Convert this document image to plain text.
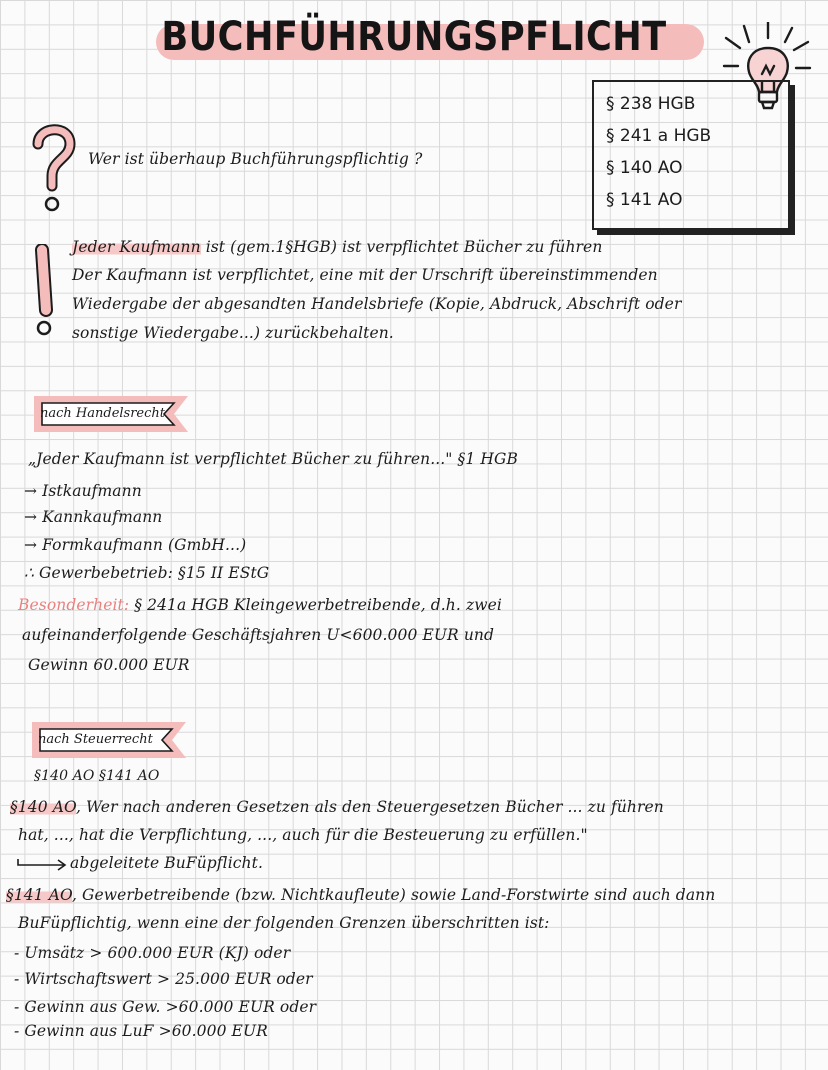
BUCHFÜHRUNGSPFLICHT
§ 238 HGB
§ 241 a HGB
§ 140 AO
§ 141 AO
Wer ist überhaup Buchführungspflichtig ?
Jeder Kaufmann ist (gem.1§HGB) ist verpflichtet Bücher zu führen
Der Kaufmann ist verpflichtet, eine mit der Urschrift übereinstimmenden
Wiedergabe der abgesandten Handelsbriefe (Kopie, Abdruck, Abschrift oder
sonstige Wiedergabe...) zurückbehalten.
nach Handelsrecht
„Jeder Kaufmann ist verpflichtet Bücher zu führen..." §1 HGB
→ Istkaufmann
→ Kannkaufmann
→ Formkaufmann (GmbH...)
∴ Gewerbebetrieb: §15 II EStG
Besonderheit: § 241a HGB Kleingewerbetreibende, d.h. zwei
aufeinanderfolgende Geschäftsjahren U<600.000 EUR und
Gewinn 60.000 EUR
nach Steuerrecht
§140 AO §141 AO
§140 AO, Wer nach anderen Gesetzen als den Steuergesetzen Bücher ... zu führen
hat, ..., hat die Verpflichtung, ..., auch für die Besteuerung zu erfüllen."
abgeleitete BuFüpflicht.
§141 AO, Gewerbetreibende (bzw. Nichtkaufleute) sowie Land-Forstwirte sind auch dann
BuFüpflichtig, wenn eine der folgenden Grenzen überschritten ist:
- Umsätz > 600.000 EUR (KJ) oder
- Wirtschaftswert > 25.000 EUR oder
- Gewinn aus Gew. >60.000 EUR oder
- Gewinn aus LuF >60.000 EUR
